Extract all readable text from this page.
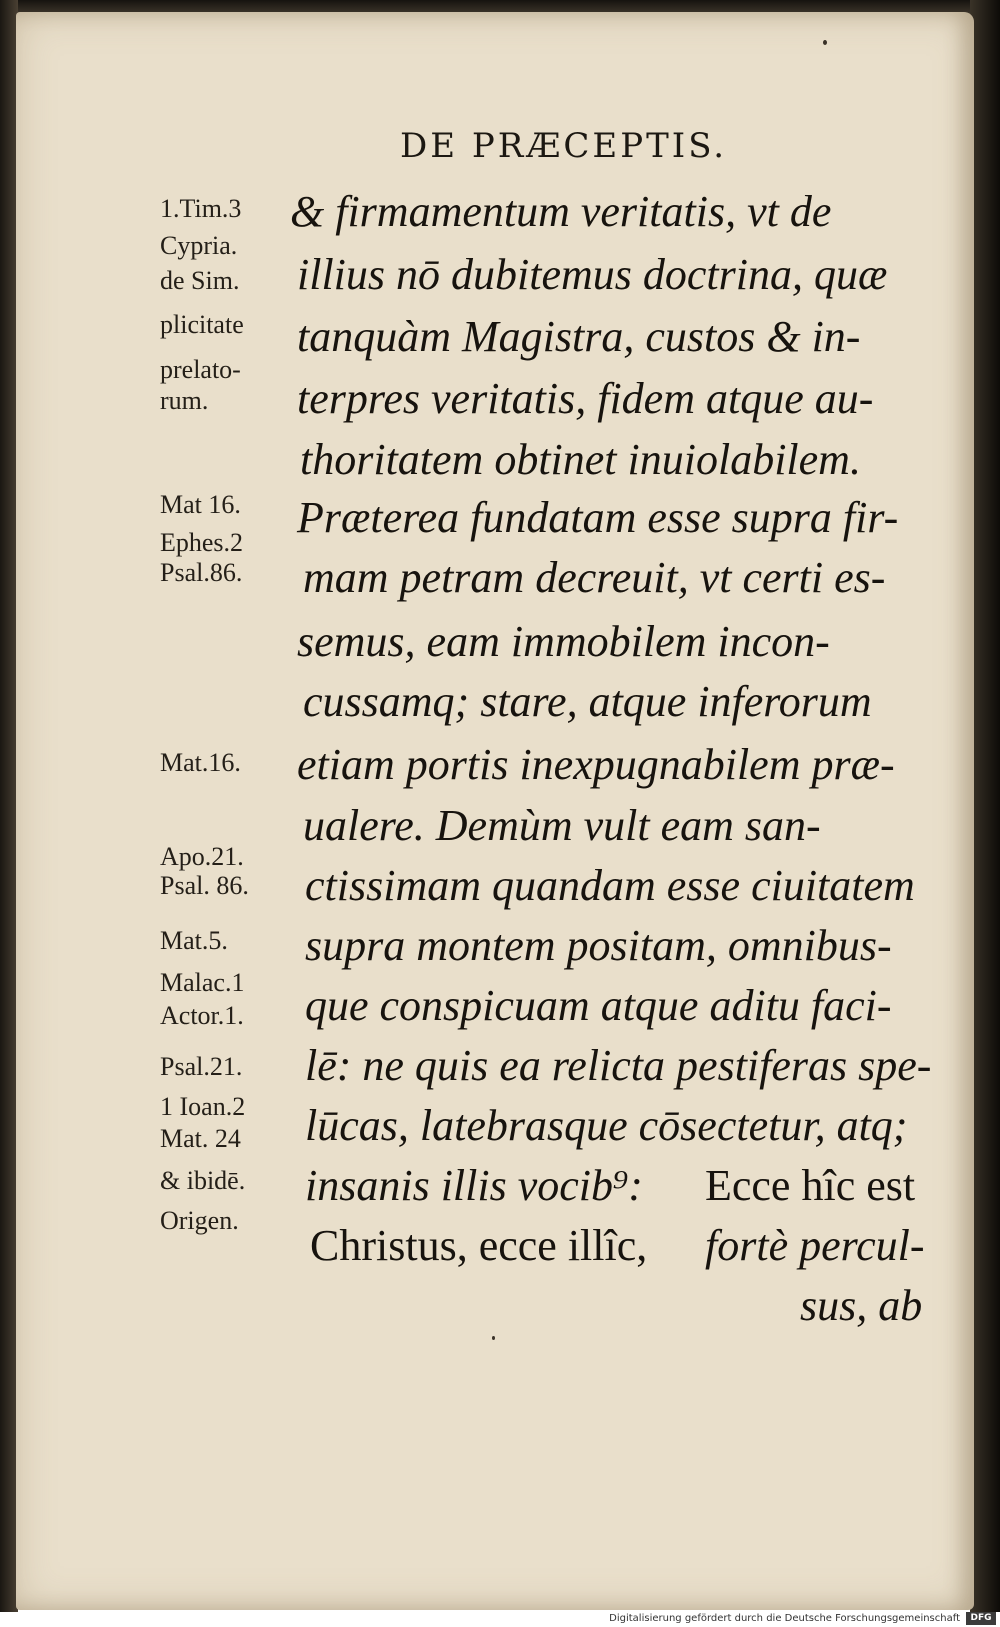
DE PRÆCEPTIS.
1.Tim.3
Cypria.
de Sim.
plicitate
prelato-
rum.
Mat 16.
Ephes.2
Psal.86.
Mat.16.
Apo.21.
Psal. 86.
Mat.5.
Malac.1
Actor.1.
Psal.21.
1 Ioan.2
Mat. 24
& ibidē.
Origen.
& firmamentum veritatis, vt de
illius nō dubitemus doctrina, quæ
tanquàm Magistra, custos & in-
terpres veritatis, fidem atque au-
thoritatem obtinet inuiolabilem.
Præterea fundatam esse supra fir-
mam petram decreuit, vt certi es-
semus, eam immobilem incon-
cussamq; stare, atque inferorum
etiam portis inexpugnabilem præ-
ualere. Demùm vult eam san-
ctissimam quandam esse ciuitatem
supra montem positam, omnibus-
que conspicuam atque aditu faci-
lē: ne quis ea relicta pestiferas spe-
lūcas, latebrasque cōsectetur, atq;
insanis illis vocib⁹: Ecce hîc est
Christus, ecce illîc, fortè percul-
sus, ab
Digitalisierung gefördert durch die Deutsche Forschungsgemeinschaft	DFG
